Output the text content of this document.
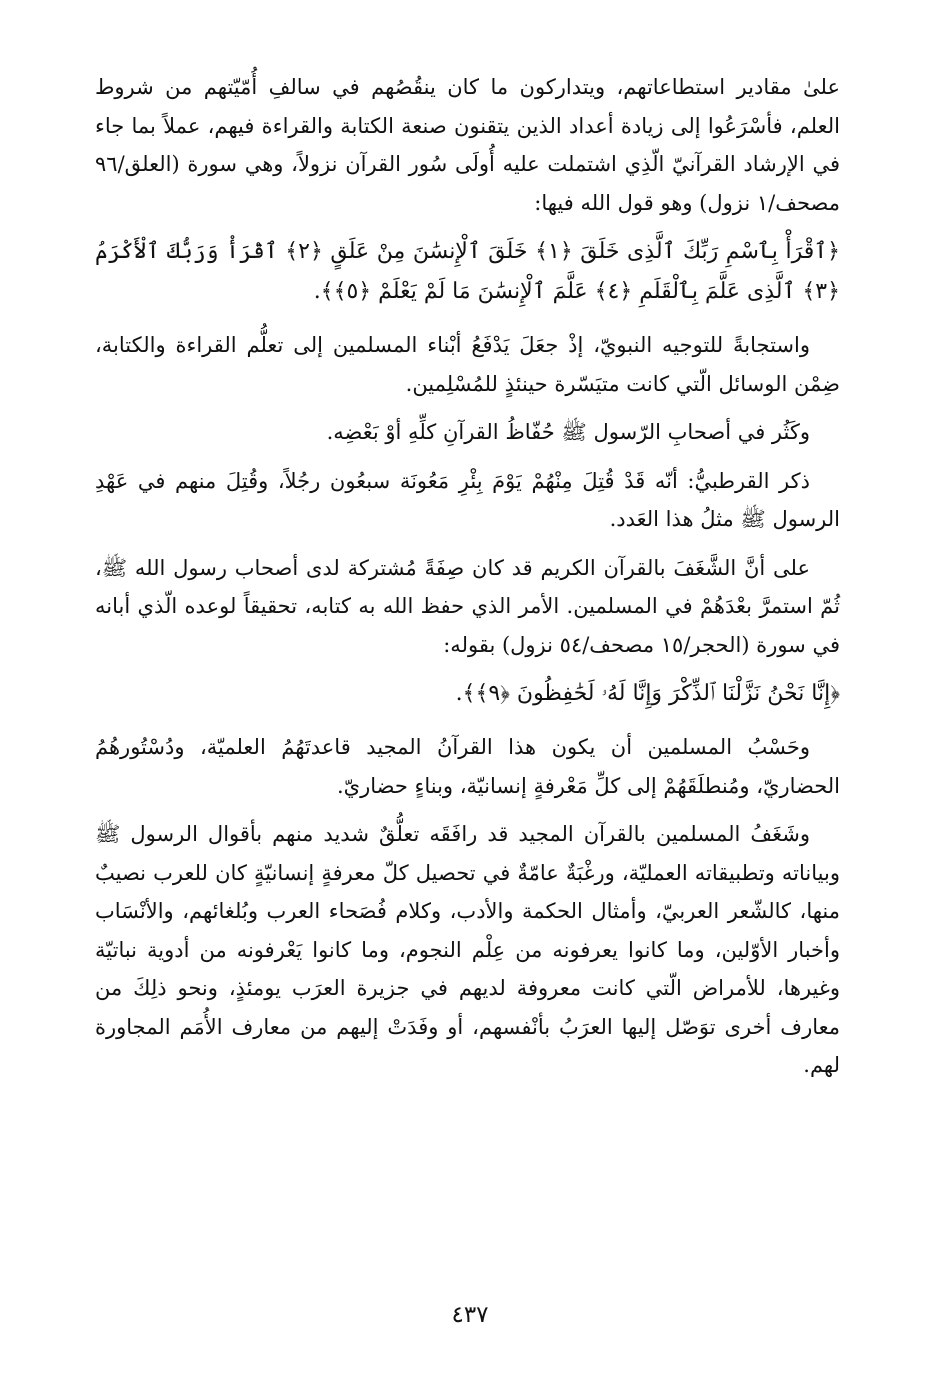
علىٰ مقادير استطاعاتهم، ويتداركون ما كان ينقُصُهم في سالفِ أُمّيّتهم من شروط العلم، فأسْرَعُوا إلى زيادة أعداد الذين يتقنون صنعة الكتابة والقراءة فيهم، عملاً بما جاء في الإرشاد القرآنيّ الّذِي اشتملت عليه أُولَى سُور القرآن نزولاً، وهي سورة (العلق/٩٦ مصحف/١ نزول) وهو قول الله فيها:

﴿ٱقْرَأْ بِٱسْمِ رَبِّكَ ٱلَّذِى خَلَقَ ﴿١﴾ خَلَقَ ٱلْإِنسَٰنَ مِنْ عَلَقٍ ﴿٢﴾ ٱقْرَأْ وَرَبُّكَ ٱلْأَكْرَمُ ﴿٣﴾ ٱلَّذِى عَلَّمَ بِٱلْقَلَمِ ﴿٤﴾ عَلَّمَ ٱلْإِنسَٰنَ مَا لَمْ يَعْلَمْ ﴿٥﴾﴾.

واستجابةً للتوجيه النبويّ، إذْ جعَلَ يَدْفَعُ أبْناء المسلمين إلى تعلُّم القراءة والكتابة، ضِمْن الوسائل الّتي كانت متيَسّرة حينئذٍ للمُسْلِمين.

وكَثُر في أصحابِ الرّسول ﷺ حُفّاظُ القرآنِ كلِّهِ أوْ بَعْضِه.

ذكر القرطبيُّ: أنّه قَدْ قُتِلَ مِنْهُمْ يَوْمَ بِئْرِ مَعُونَة سبعُون رجُلاً، وقُتِلَ منهم في عَهْدِ الرسول ﷺ مثلُ هذا العَدد.

على أنَّ الشَّغَفَ بالقرآن الكريم قد كان صِفَةً مُشتركة لدى أصحاب رسول الله ﷺ، ثُمّ استمرَّ بعْدَهُمْ في المسلمين. الأمر الذي حفظ الله به كتابه، تحقيقاً لوعده الّذي أبانه في سورة (الحجر/١٥ مصحف/٥٤ نزول) بقوله:

﴿إِنَّا نَحْنُ نَزَّلْنَا ٱلذِّكْرَ وَإِنَّا لَهُۥ لَحَٰفِظُونَ ﴿٩﴾﴾.

وحَسْبُ المسلمين أن يكون هذا القرآنُ المجيد قاعدتَهُمُ العلميّة، ودُسْتُورهُمُ الحضاريّ، ومُنطلَقَهُمْ إلى كلِّ مَعْرفةٍ إنسانيّة، وبناءٍ حضاريّ.

وشَغَفُ المسلمين بالقرآن المجيد قد رافَقَه تعلُّقٌ شديد منهم بأقوال الرسول ﷺ وبياناته وتطبيقاته العمليّة، ورغْبَةٌ عامّةٌ في تحصيل كلّ معرفةٍ إنسانيّةٍ كان للعرب نصيبٌ منها، كالشّعر العربيّ، وأمثال الحكمة والأدب، وكلام فُصَحاء العرب وبُلغائهم، والأنْسَاب وأخبار الأوّلين، وما كانوا يعرفونه من عِلْم النجوم، وما كانوا يَعْرفونه من أدوية نباتيّة وغيرها، للأمراض الّتي كانت معروفة لديهم في جزيرة العرَب يومئذٍ، ونحو ذلِكَ من معارف أخرى توَصّل إليها العرَبُ بأنْفسهم، أو وفَدَتْ إليهم من معارف الأُمَم المجاورة لهم.

٤٣٧
